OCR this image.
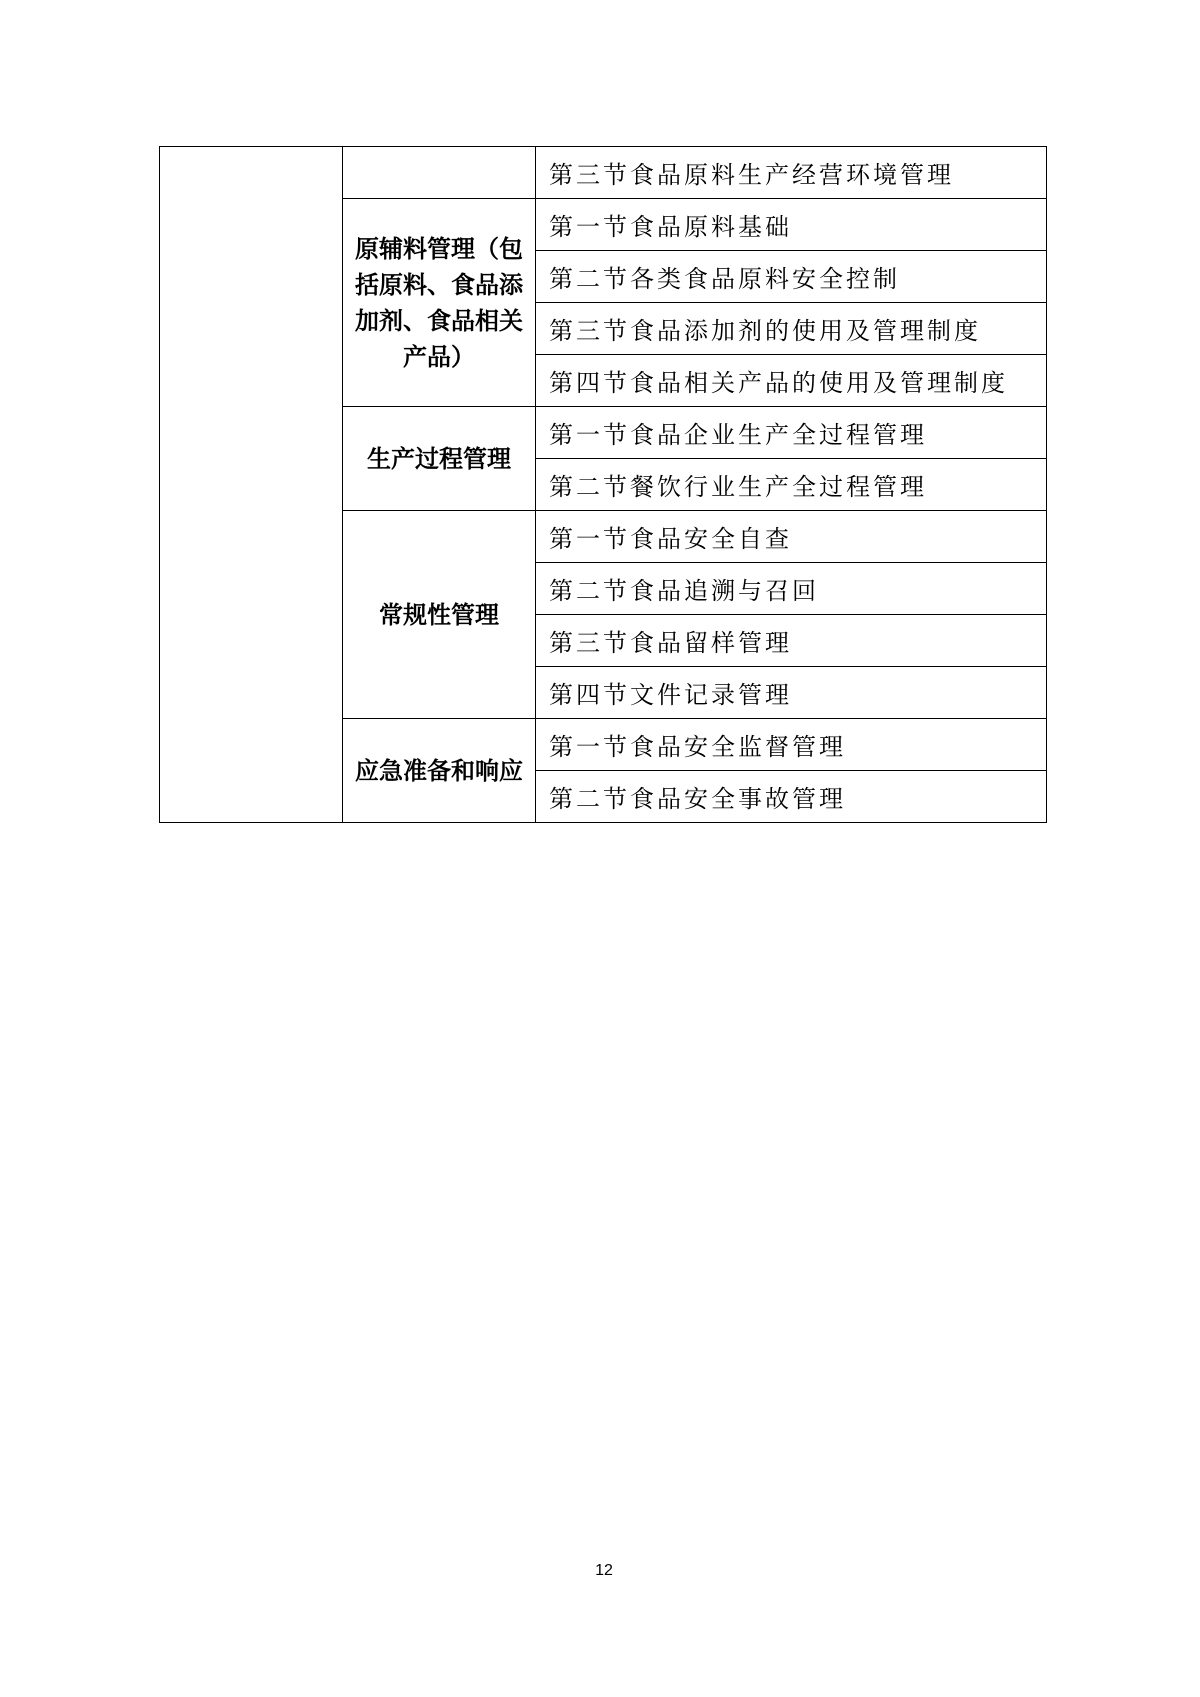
		第三节食品原料生产经营环境管理
	原辅料管理（包括原料、食品添加剂、食品相关产品）	第一节食品原料基础
		第二节各类食品原料安全控制
		第三节食品添加剂的使用及管理制度
		第四节食品相关产品的使用及管理制度
	生产过程管理	第一节食品企业生产全过程管理
		第二节餐饮行业生产全过程管理
	常规性管理	第一节食品安全自查
		第二节食品追溯与召回
		第三节食品留样管理
		第四节文件记录管理
	应急准备和响应	第一节食品安全监督管理
		第二节食品安全事故管理
12
